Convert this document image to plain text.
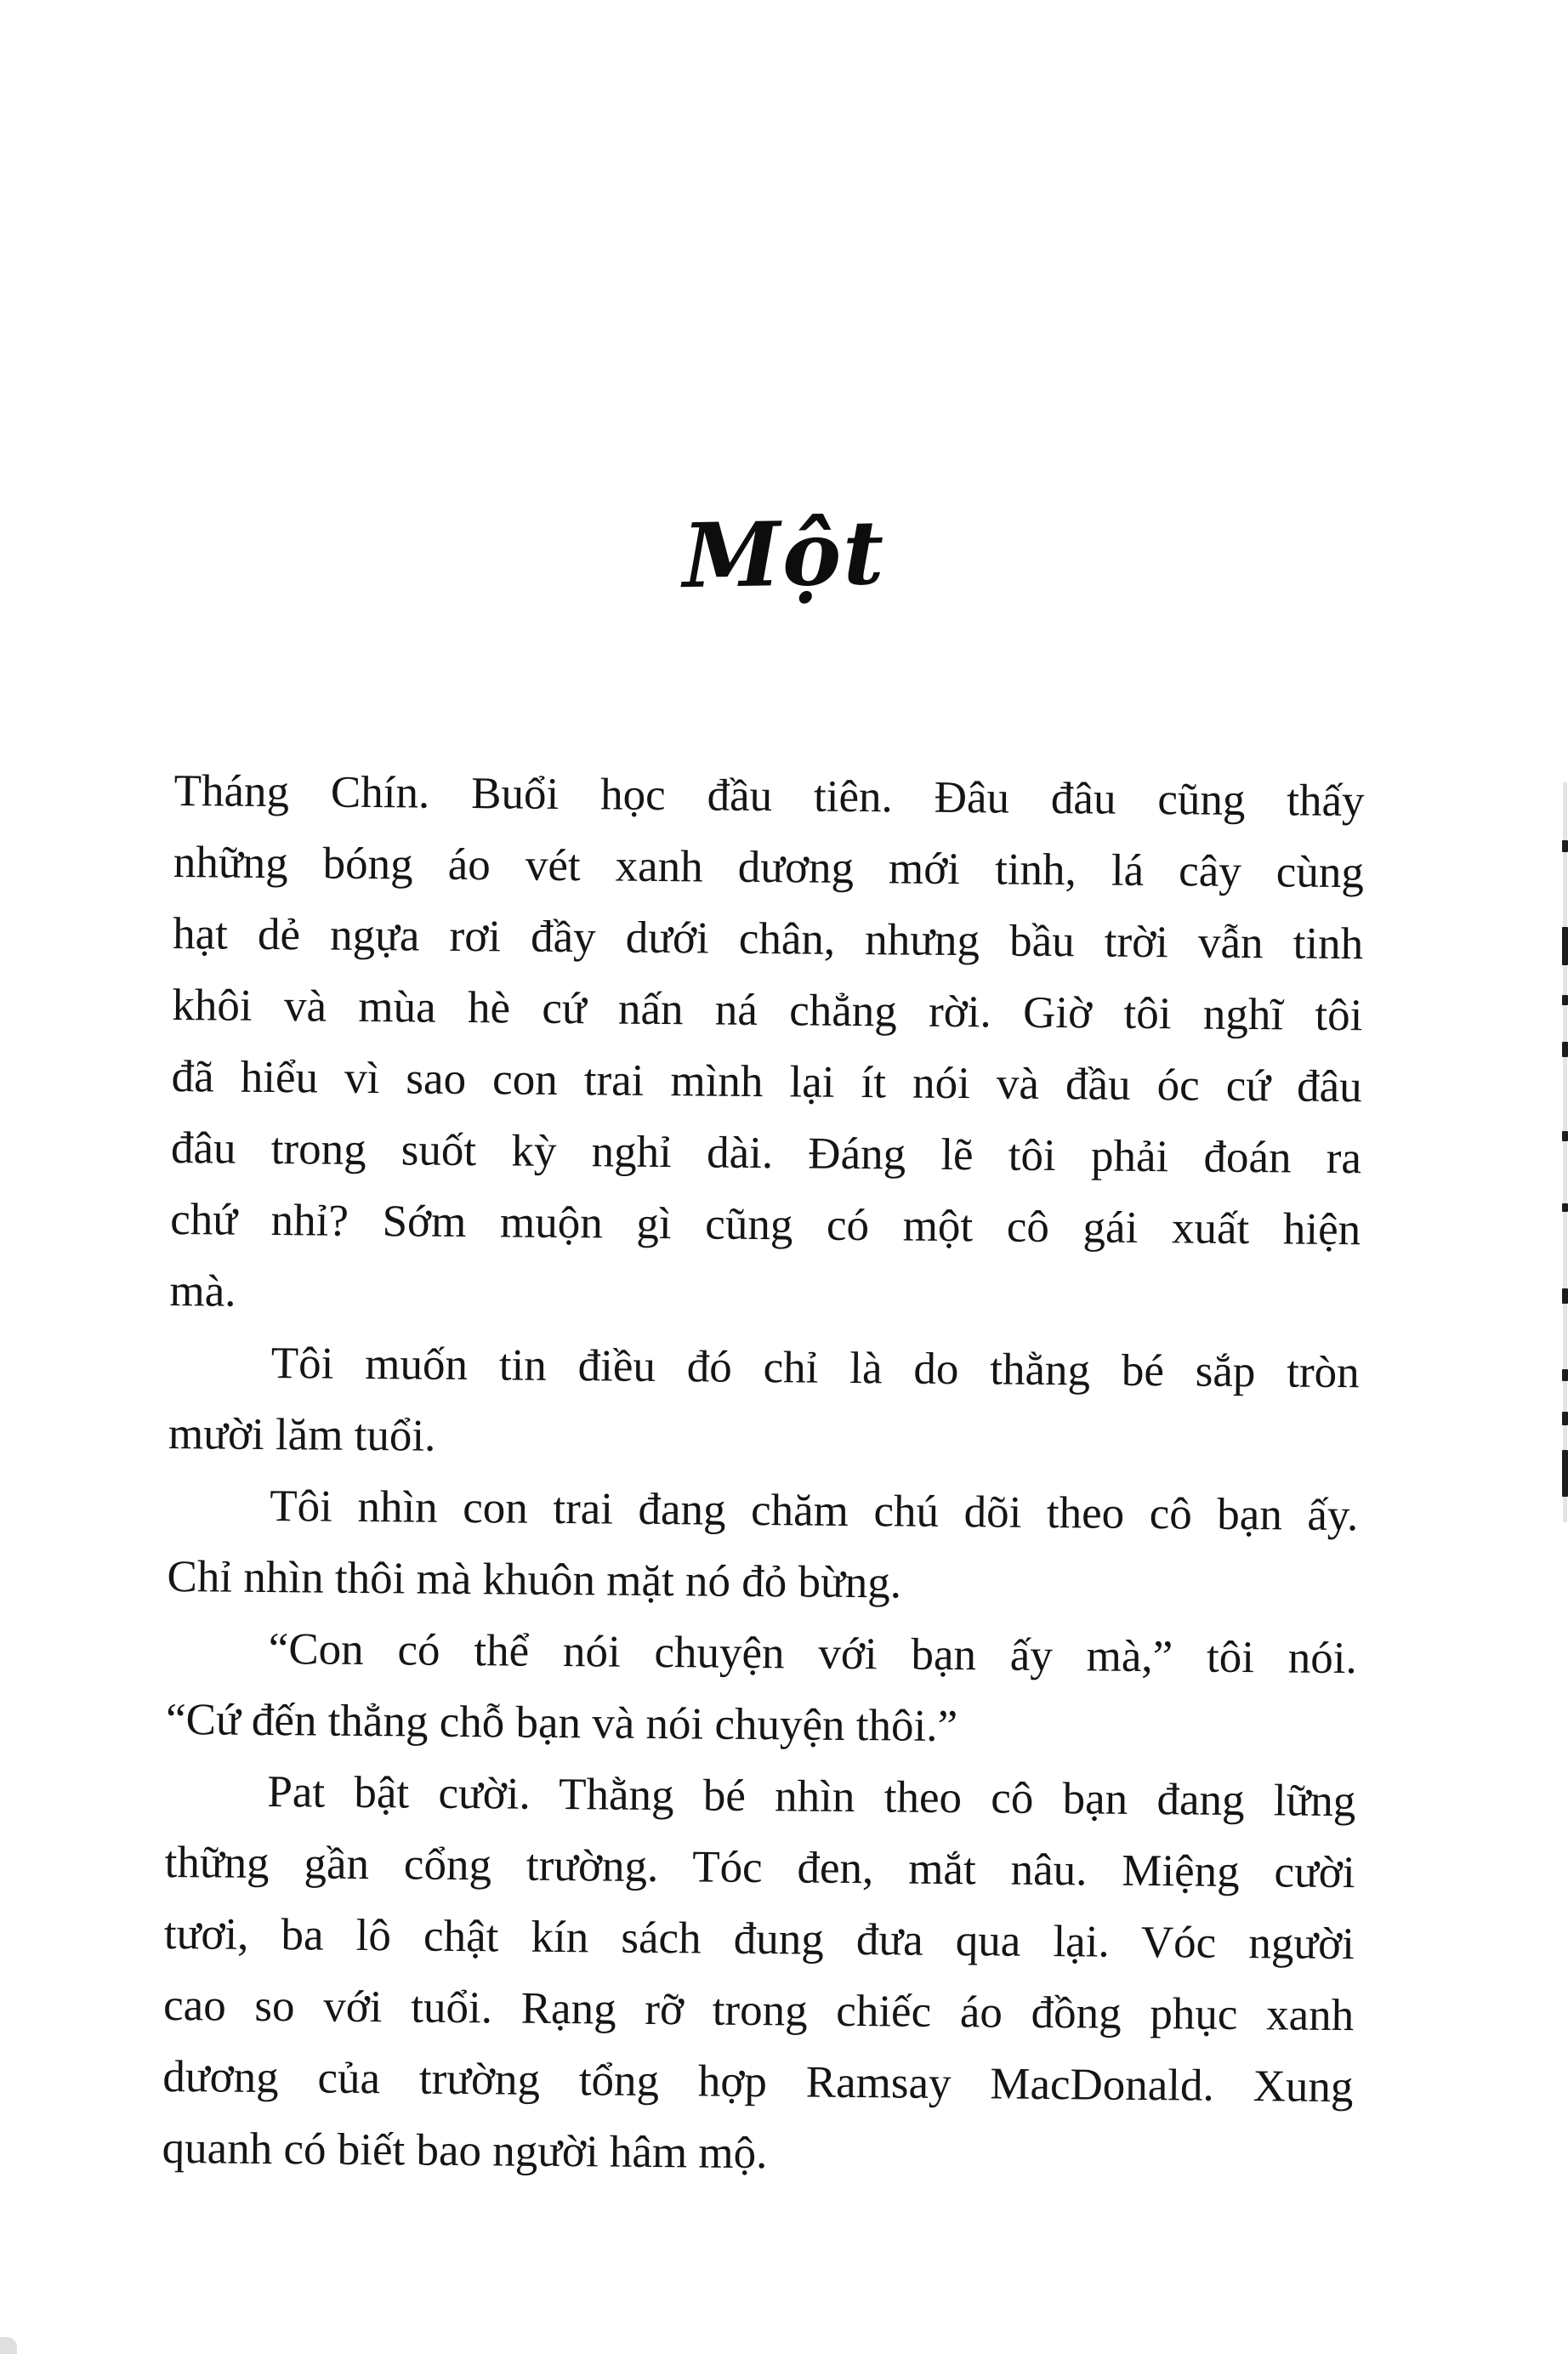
Một
Tháng Chín. Buổi học đầu tiên. Đâu đâu cũng thấy
những bóng áo vét xanh dương mới tinh, lá cây cùng
hạt dẻ ngựa rơi đầy dưới chân, nhưng bầu trời vẫn tinh
khôi và mùa hè cứ nấn ná chẳng rời. Giờ tôi nghĩ tôi
đã hiểu vì sao con trai mình lại ít nói và đầu óc cứ đâu
đâu trong suốt kỳ nghỉ dài. Đáng lẽ tôi phải đoán ra
chứ nhỉ? Sớm muộn gì cũng có một cô gái xuất hiện
mà.
Tôi muốn tin điều đó chỉ là do thằng bé sắp tròn
mười lăm tuổi.
Tôi nhìn con trai đang chăm chú dõi theo cô bạn ấy.
Chỉ nhìn thôi mà khuôn mặt nó đỏ bừng.
“Con có thể nói chuyện với bạn ấy mà,” tôi nói.
“Cứ đến thẳng chỗ bạn và nói chuyện thôi.”
Pat bật cười. Thằng bé nhìn theo cô bạn đang lững
thững gần cổng trường. Tóc đen, mắt nâu. Miệng cười
tươi, ba lô chật kín sách đung đưa qua lại. Vóc người
cao so với tuổi. Rạng rỡ trong chiếc áo đồng phục xanh
dương của trường tổng hợp Ramsay MacDonald. Xung
quanh có biết bao người hâm mộ.
